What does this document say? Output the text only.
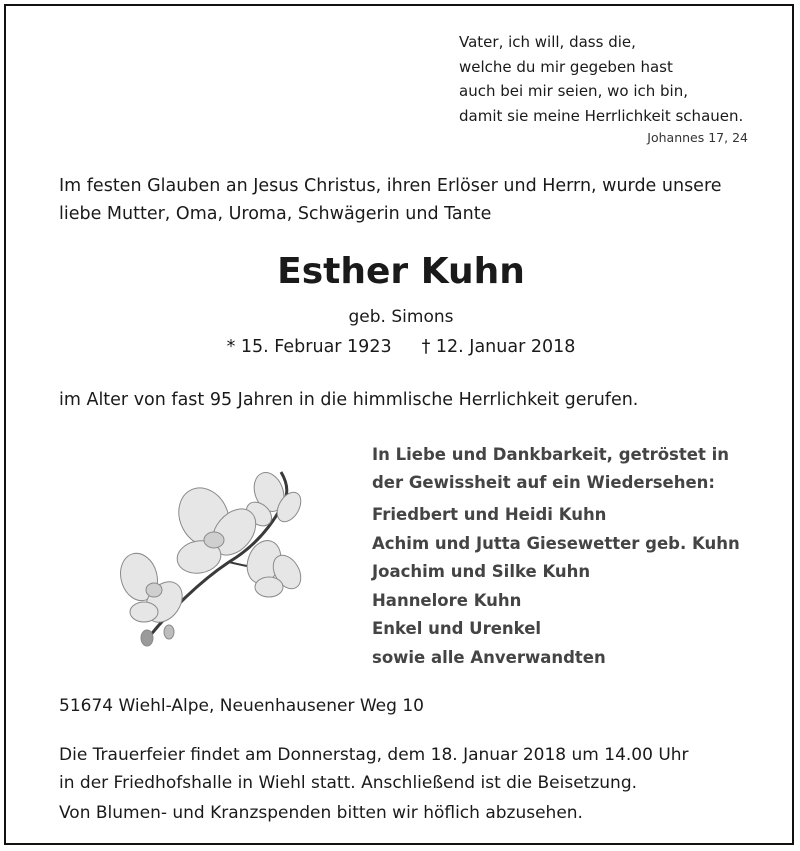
Vater, ich will, dass die,
welche du mir gegeben hast
auch bei mir seien, wo ich bin,
damit sie meine Herrlichkeit schauen.
Johannes 17, 24
Im festen Glauben an Jesus Christus, ihren Erlöser und Herrn, wurde unsere
liebe Mutter, Oma, Uroma, Schwägerin und Tante
Esther Kuhn
geb. Simons
* 15. Februar 1923 † 12. Januar 2018
im Alter von fast 95 Jahren in die himmlische Herrlichkeit gerufen.
In Liebe und Dankbarkeit, getröstet in
der Gewissheit auf ein Wiedersehen:
Friedbert und Heidi Kuhn
Achim und Jutta Giesewetter geb. Kuhn
Joachim und Silke Kuhn
Hannelore Kuhn
Enkel und Urenkel
sowie alle Anverwandten
51674 Wiehl-Alpe, Neuenhausener Weg 10
Die Trauerfeier findet am Donnerstag, dem 18. Januar 2018 um 14.00 Uhr
in der Friedhofshalle in Wiehl statt. Anschließend ist die Beisetzung.
Von Blumen- und Kranzspenden bitten wir höflich abzusehen.
